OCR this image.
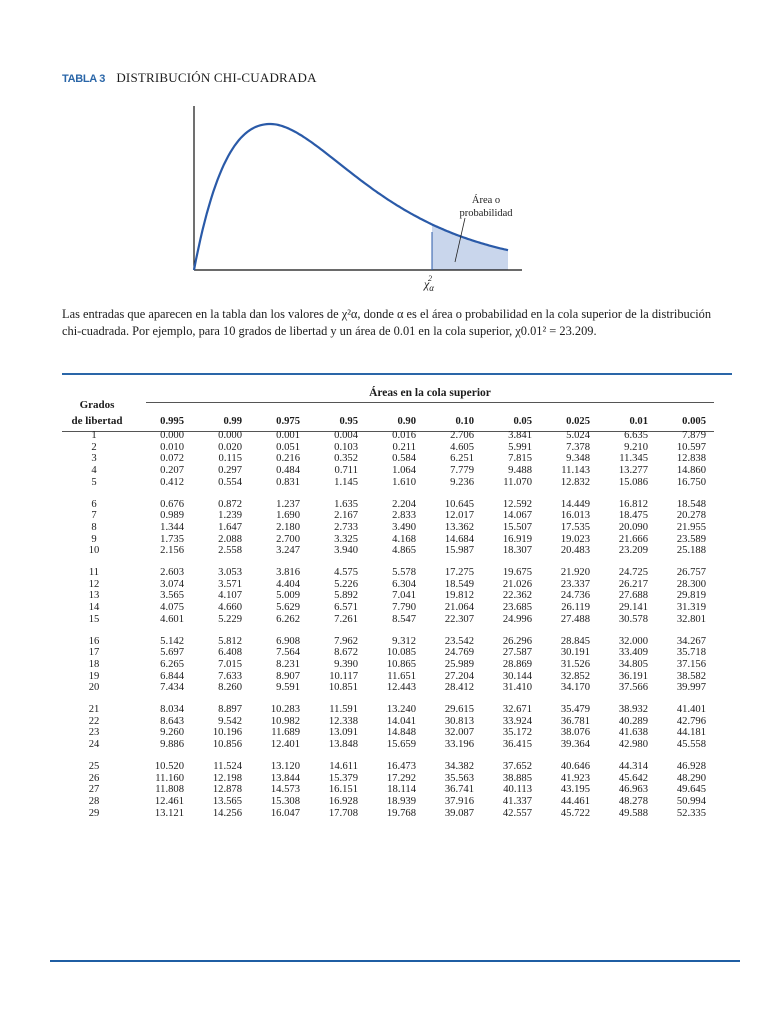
TABLA 3 DISTRIBUCIÓN CHI-CUADRADA
Área o
probabilidad
$\chi_\alpha 2$
Las entradas que aparecen en la tabla dan los valores de χ²α, donde α es el área o probabilidad en la cola superior de la distribución chi-cuadrada. Por ejemplo, para 10 grados de libertad y un área de 0.01 en la cola superior, χ0.01² = 23.209.
Grados
de libertad
Áreas en la cola superior
	0.995	0.99	0.975	0.95	0.90	0.10	0.05	0.025	0.01	0.005
1	0.000	0.000	0.001	0.004	0.016	2.706	3.841	5.024	6.635	7.879
2	0.010	0.020	0.051	0.103	0.211	4.605	5.991	7.378	9.210	10.597
3	0.072	0.115	0.216	0.352	0.584	6.251	7.815	9.348	11.345	12.838
4	0.207	0.297	0.484	0.711	1.064	7.779	9.488	11.143	13.277	14.860
5	0.412	0.554	0.831	1.145	1.610	9.236	11.070	12.832	15.086	16.750

6	0.676	0.872	1.237	1.635	2.204	10.645	12.592	14.449	16.812	18.548
7	0.989	1.239	1.690	2.167	2.833	12.017	14.067	16.013	18.475	20.278
8	1.344	1.647	2.180	2.733	3.490	13.362	15.507	17.535	20.090	21.955
9	1.735	2.088	2.700	3.325	4.168	14.684	16.919	19.023	21.666	23.589
10	2.156	2.558	3.247	3.940	4.865	15.987	18.307	20.483	23.209	25.188

11	2.603	3.053	3.816	4.575	5.578	17.275	19.675	21.920	24.725	26.757
12	3.074	3.571	4.404	5.226	6.304	18.549	21.026	23.337	26.217	28.300
13	3.565	4.107	5.009	5.892	7.041	19.812	22.362	24.736	27.688	29.819
14	4.075	4.660	5.629	6.571	7.790	21.064	23.685	26.119	29.141	31.319
15	4.601	5.229	6.262	7.261	8.547	22.307	24.996	27.488	30.578	32.801

16	5.142	5.812	6.908	7.962	9.312	23.542	26.296	28.845	32.000	34.267
17	5.697	6.408	7.564	8.672	10.085	24.769	27.587	30.191	33.409	35.718
18	6.265	7.015	8.231	9.390	10.865	25.989	28.869	31.526	34.805	37.156
19	6.844	7.633	8.907	10.117	11.651	27.204	30.144	32.852	36.191	38.582
20	7.434	8.260	9.591	10.851	12.443	28.412	31.410	34.170	37.566	39.997

21	8.034	8.897	10.283	11.591	13.240	29.615	32.671	35.479	38.932	41.401
22	8.643	9.542	10.982	12.338	14.041	30.813	33.924	36.781	40.289	42.796
23	9.260	10.196	11.689	13.091	14.848	32.007	35.172	38.076	41.638	44.181
24	9.886	10.856	12.401	13.848	15.659	33.196	36.415	39.364	42.980	45.558

25	10.520	11.524	13.120	14.611	16.473	34.382	37.652	40.646	44.314	46.928
26	11.160	12.198	13.844	15.379	17.292	35.563	38.885	41.923	45.642	48.290
27	11.808	12.878	14.573	16.151	18.114	36.741	40.113	43.195	46.963	49.645
28	12.461	13.565	15.308	16.928	18.939	37.916	41.337	44.461	48.278	50.994
29	13.121	14.256	16.047	17.708	19.768	39.087	42.557	45.722	49.588	52.335
